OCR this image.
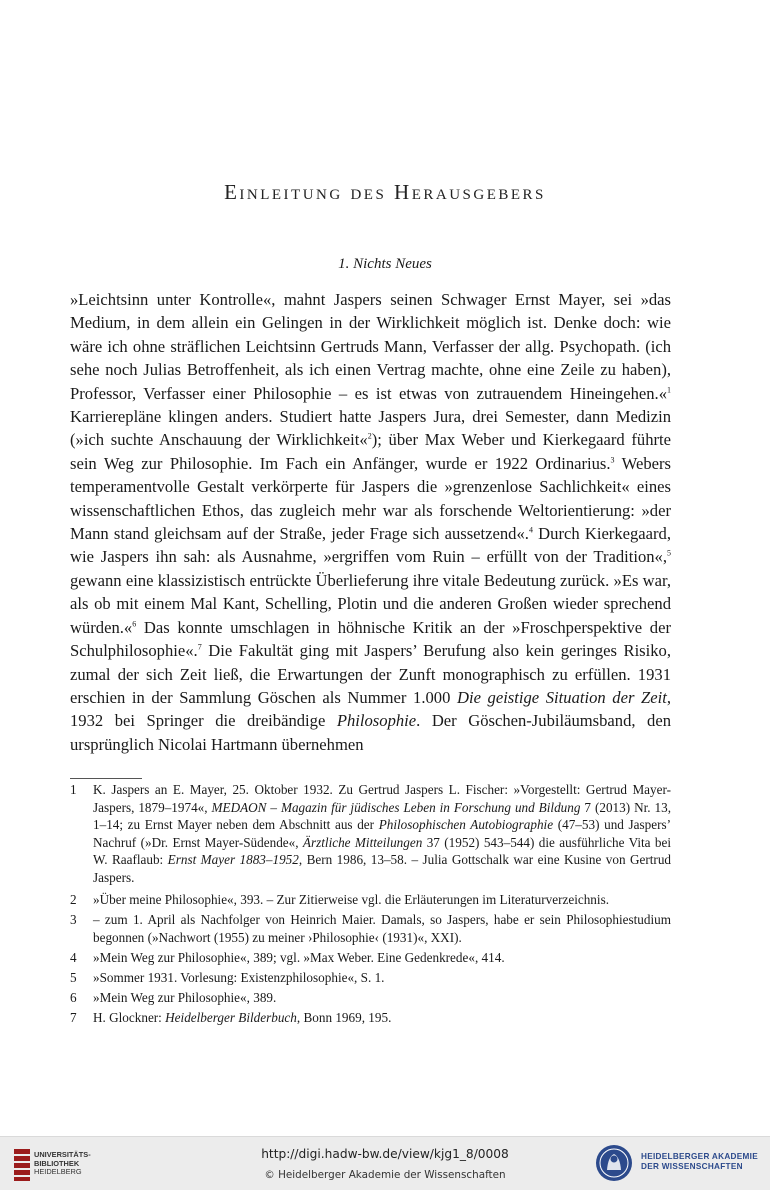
Einleitung des Herausgebers
1. Nichts Neues

»Leichtsinn unter Kontrolle«, mahnt Jaspers seinen Schwager Ernst Mayer, sei »das Medium, in dem allein ein Gelingen in der Wirklichkeit möglich ist. Denke doch: wie wäre ich ohne sträflichen Leichtsinn Gertruds Mann, Verfasser der allg. Psychopath. (ich sehe noch Julias Betroffenheit, als ich einen Vertrag machte, ohne eine Zeile zu haben), Professor, Verfasser einer Philosophie – es ist etwas von zutrauendem Hineingehen.«$^1$ Karrierepläne klingen anders. Studiert hatte Jaspers Jura, drei Semester, dann Medizin (»ich suchte Anschauung der Wirklichkeit«$^2$); über Max Weber und Kierkegaard führte sein Weg zur Philosophie. Im Fach ein Anfänger, wurde er 1922 Ordinarius.$^3$ Webers temperamentvolle Gestalt verkörperte für Jaspers die »grenzenlose Sachlichkeit« eines wissenschaftlichen Ethos, das zugleich mehr war als forschende Weltorientierung: »der Mann stand gleichsam auf der Straße, jeder Frage sich aussetzend«.$^4$ Durch Kierkegaard, wie Jaspers ihn sah: als Ausnahme, »ergriffen vom Ruin – erfüllt von der Tradition«,$^5$ gewann eine klassizistisch entrückte Überlieferung ihre vitale Bedeutung zurück. »Es war, als ob mit einem Mal Kant, Schelling, Plotin und die anderen Großen wieder sprechend würden.«$^6$ Das konnte umschlagen in höhnische Kritik an der »Froschperspektive der Schulphilosophie«.$^7$ Die Fakultät ging mit Jaspers’ Berufung also kein geringes Risiko, zumal der sich Zeit ließ, die Erwartungen der Zunft monographisch zu erfüllen. 1931 erschien in der Sammlung Göschen als Nummer 1.000 Die geistige Situation der Zeit, 1932 bei Springer die dreibändige Philosophie. Der Göschen-Jubiläumsband, den ursprünglich Nicolai Hartmann übernehmen

1 K. Jaspers an E. Mayer, 25. Oktober 1932. Zu Gertrud Jaspers L. Fischer: »Vorgestellt: Gertrud Mayer-Jaspers, 1879–1974«, MEDAON – Magazin für jüdisches Leben in Forschung und Bildung 7 (2013) Nr. 13, 1–14; zu Ernst Mayer neben dem Abschnitt aus der Philosophischen Autobiographie (47–53) und Jaspers’ Nachruf (»Dr. Ernst Mayer-Südende«, Ärztliche Mitteilungen 37 (1952) 543–544) die ausführliche Vita bei W. Raaflaub: Ernst Mayer 1883–1952, Bern 1986, 13–58. – Julia Gottschalk war eine Kusine von Gertrud Jaspers.
2 »Über meine Philosophie«, 393. – Zur Zitierweise vgl. die Erläuterungen im Literaturverzeichnis.
3 – zum 1. April als Nachfolger von Heinrich Maier. Damals, so Jaspers, habe er sein Philosophiestudium begonnen (»Nachwort (1955) zu meiner ›Philosophie‹ (1931)«, XXI).
4 »Mein Weg zur Philosophie«, 389; vgl. »Max Weber. Eine Gedenkrede«, 414.
5 »Sommer 1931. Vorlesung: Existenzphilosophie«, S. 1.
6 »Mein Weg zur Philosophie«, 389.
7 H. Glockner: Heidelberger Bilderbuch, Bonn 1969, 195.
UNIVERSITÄTS-
BIBLIOTHEK
HEIDELBERG
http://digi.hadw-bw.de/view/kjg1_8/0008
© Heidelberger Akademie der Wissenschaften
HEIDELBERGER AKADEMIE
DER WISSENSCHAFTEN
